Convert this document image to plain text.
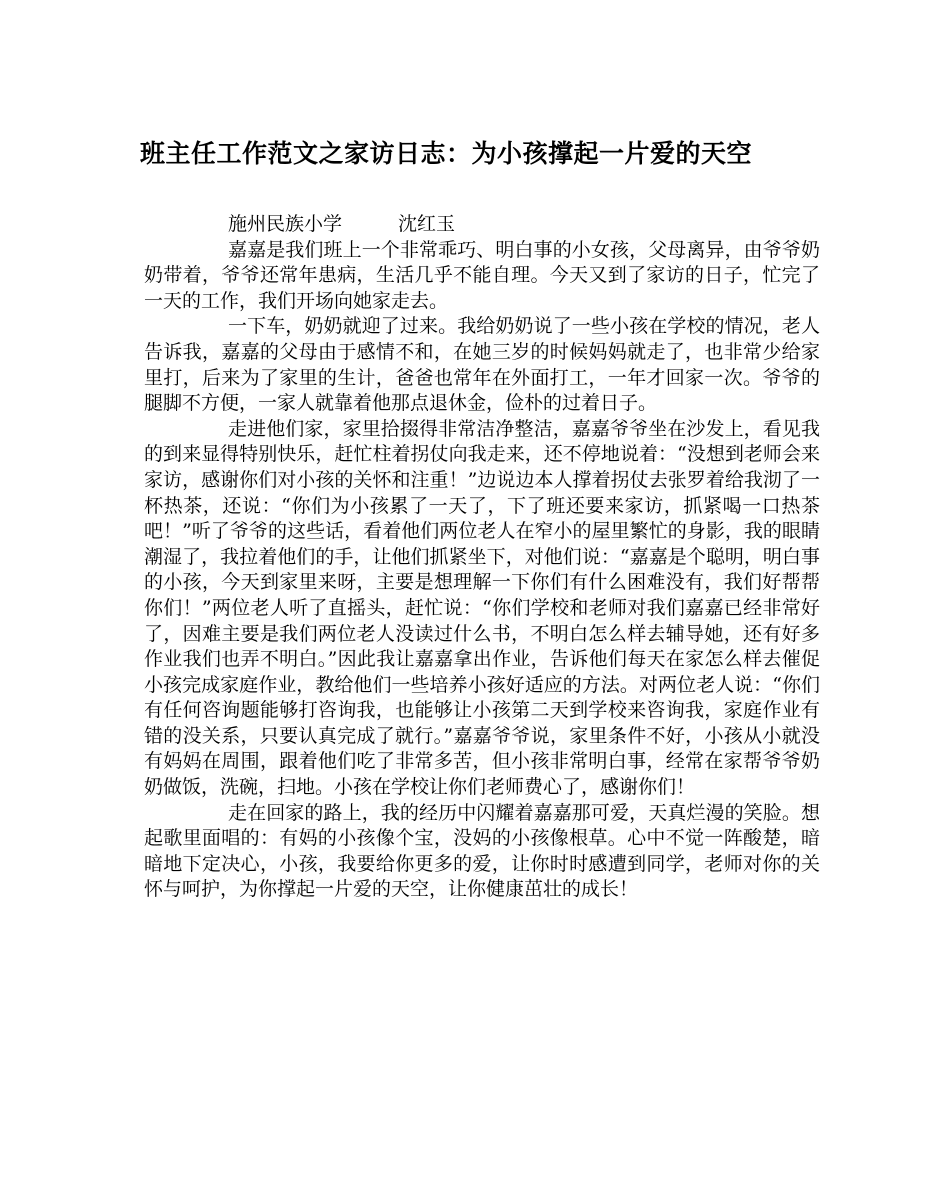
班主任工作范文之家访日志：为小孩撑起一片爱的天空

施州民族小学	沈红玉

嘉嘉是我们班上一个非常乖巧、明白事的小女孩，父母离异，由爷爷奶奶带着，爷爷还常年患病，生活几乎不能自理。今天又到了家访的日子，忙完了一天的工作，我们开场向她家走去。

一下车，奶奶就迎了过来。我给奶奶说了一些小孩在学校的情况，老人告诉我，嘉嘉的父母由于感情不和，在她三岁的时候妈妈就走了，也非常少给家里打，后来为了家里的生计，爸爸也常年在外面打工，一年才回家一次。爷爷的腿脚不方便，一家人就靠着他那点退休金，俭朴的过着日子。

走进他们家，家里拾掇得非常洁净整洁，嘉嘉爷爷坐在沙发上，看见我的到来显得特别快乐，赶忙柱着拐仗向我走来，还不停地说着：“没想到老师会来家访，感谢你们对小孩的关怀和注重！”边说边本人撑着拐仗去张罗着给我沏了一杯热茶，还说：“你们为小孩累了一天了，下了班还要来家访，抓紧喝一口热茶吧！”听了爷爷的这些话，看着他们两位老人在窄小的屋里繁忙的身影，我的眼睛潮湿了，我拉着他们的手，让他们抓紧坐下，对他们说：“嘉嘉是个聪明，明白事的小孩，今天到家里来呀，主要是想理解一下你们有什么困难没有，我们好帮帮你们！”两位老人听了直摇头，赶忙说：“你们学校和老师对我们嘉嘉已经非常好了，因难主要是我们两位老人没读过什么书，不明白怎么样去辅导她，还有好多作业我们也弄不明白。”因此我让嘉嘉拿出作业，告诉他们每天在家怎么样去催促小孩完成家庭作业，教给他们一些培养小孩好适应的方法。对两位老人说：“你们有任何咨询题能够打咨询我，也能够让小孩第二天到学校来咨询我，家庭作业有错的没关系，只要认真完成了就行。”嘉嘉爷爷说，家里条件不好，小孩从小就没有妈妈在周围，跟着他们吃了非常多苦，但小孩非常明白事，经常在家帮爷爷奶奶做饭，洗碗，扫地。小孩在学校让你们老师费心了，感谢你们！

走在回家的路上，我的经历中闪耀着嘉嘉那可爱，天真烂漫的笑脸。想起歌里面唱的：有妈的小孩像个宝，没妈的小孩像根草。心中不觉一阵酸楚，暗暗地下定决心，小孩，我要给你更多的爱，让你时时感遭到同学，老师对你的关怀与呵护，为你撑起一片爱的天空，让你健康茁壮的成长！
